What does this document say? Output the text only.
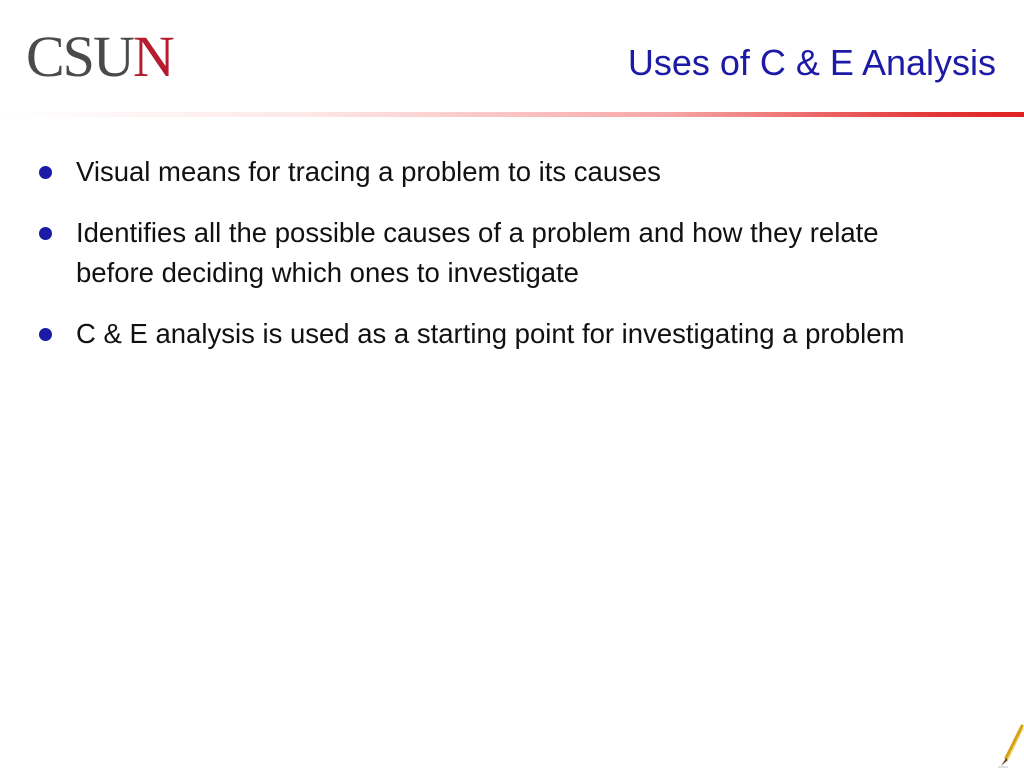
CSUN	Uses of C & E Analysis
Visual means for tracing a problem to its causes
Identifies all the possible causes of a problem and how they relate before deciding which ones to investigate
C & E analysis is used as a starting point for investigating a problem
